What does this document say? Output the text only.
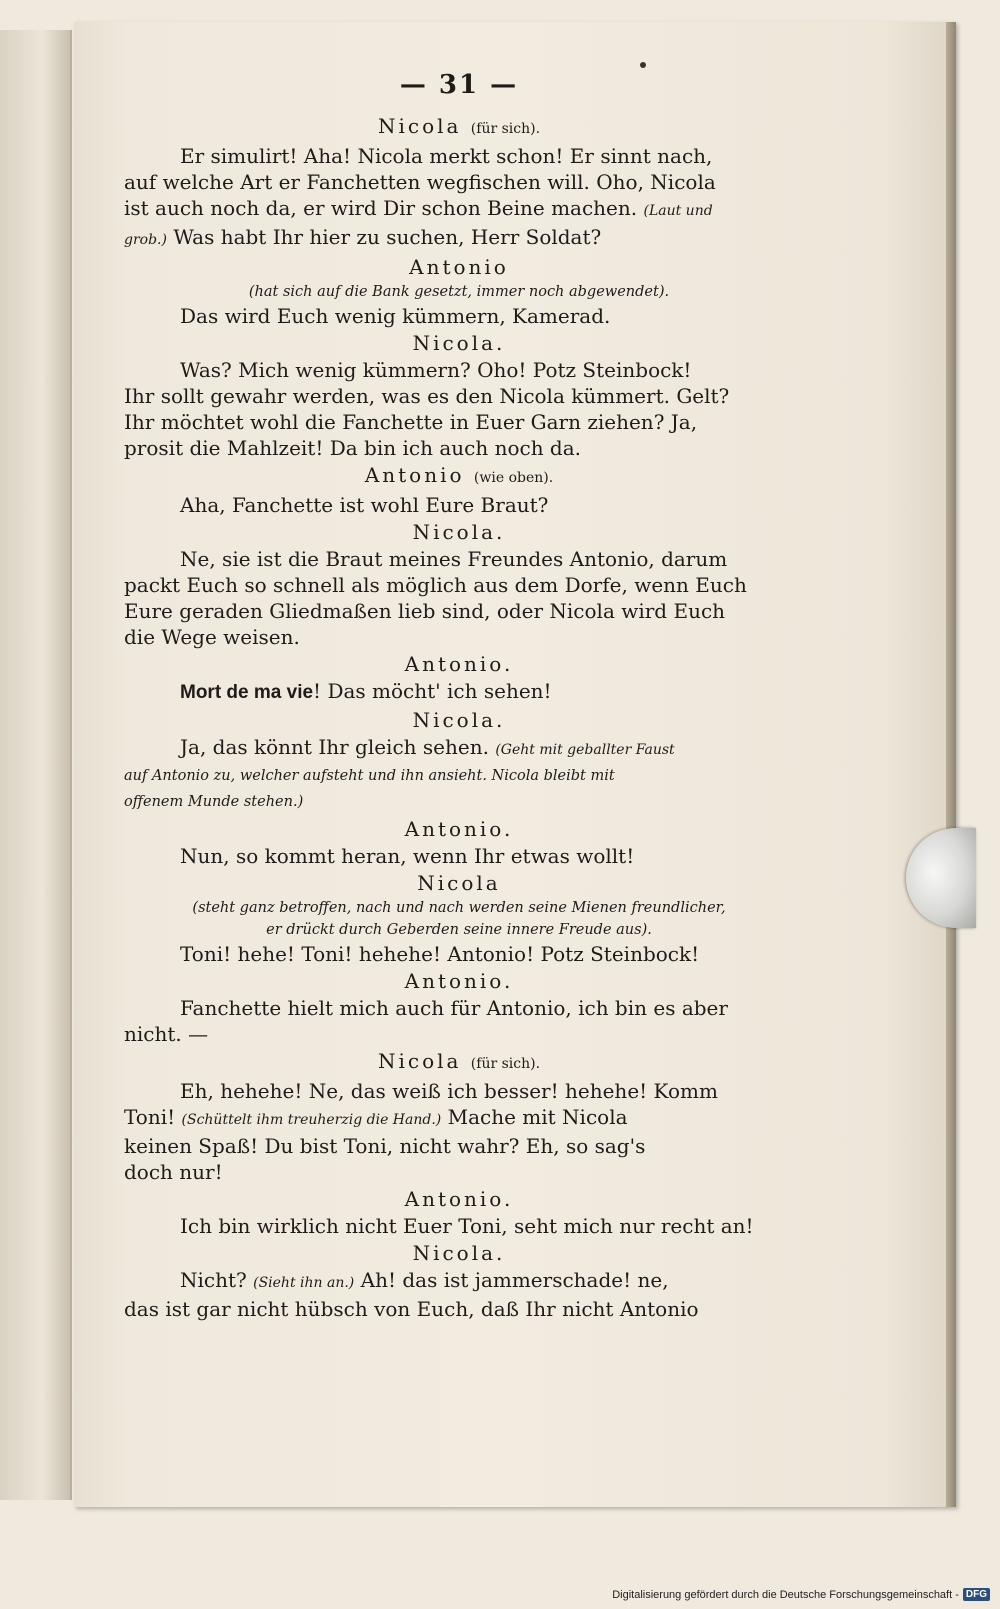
— 31 —
Nicola (für sich).
Er simulirt! Aha! Nicola merkt schon! Er sinnt nach,
auf welche Art er Fanchetten wegfischen will. Oho, Nicola
ist auch noch da, er wird Dir schon Beine machen. (Laut und
grob.) Was habt Ihr hier zu suchen, Herr Soldat?
Antonio
(hat sich auf die Bank gesetzt, immer noch abgewendet).
Das wird Euch wenig kümmern, Kamerad.
Nicola.
Was? Mich wenig kümmern? Oho! Potz Steinbock!
Ihr sollt gewahr werden, was es den Nicola kümmert. Gelt?
Ihr möchtet wohl die Fanchette in Euer Garn ziehen? Ja,
prosit die Mahlzeit! Da bin ich auch noch da.
Antonio (wie oben).
Aha, Fanchette ist wohl Eure Braut?
Nicola.
Ne, sie ist die Braut meines Freundes Antonio, darum
packt Euch so schnell als möglich aus dem Dorfe, wenn Euch
Eure geraden Gliedmaßen lieb sind, oder Nicola wird Euch
die Wege weisen.
Antonio.
Mort de ma vie! Das möcht' ich sehen!
Nicola.
Ja, das könnt Ihr gleich sehen. (Geht mit geballter Faust
auf Antonio zu, welcher aufsteht und ihn ansieht. Nicola bleibt mit
offenem Munde stehen.)
Antonio.
Nun, so kommt heran, wenn Ihr etwas wollt!
Nicola
(steht ganz betroffen, nach und nach werden seine Mienen freundlicher,
er drückt durch Geberden seine innere Freude aus).
Toni! hehe! Toni! hehehe! Antonio! Potz Steinbock!
Antonio.
Fanchette hielt mich auch für Antonio, ich bin es aber
nicht. —
Nicola (für sich).
Eh, hehehe! Ne, das weiß ich besser! hehehe! Komm
Toni! (Schüttelt ihm treuherzig die Hand.) Mache mit Nicola
keinen Spaß! Du bist Toni, nicht wahr? Eh, so sag's
doch nur!
Antonio.
Ich bin wirklich nicht Euer Toni, seht mich nur recht an!
Nicola.
Nicht? (Sieht ihn an.) Ah! das ist jammerschade! ne,
das ist gar nicht hübsch von Euch, daß Ihr nicht Antonio
Digitalisierung gefördert durch die Deutsche Forschungsgemeinschaft - DFG
